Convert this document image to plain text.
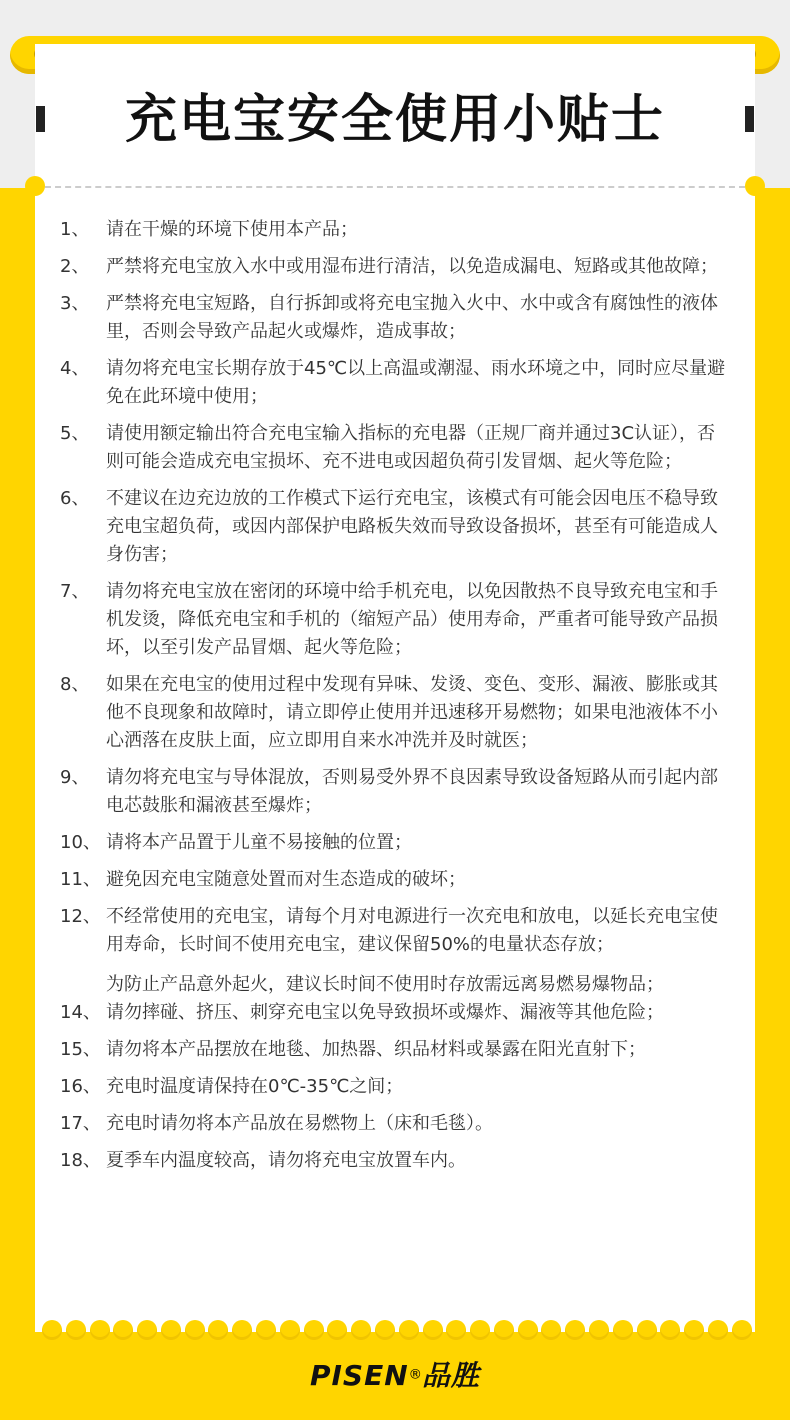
充电宝安全使用小贴士
1、 请在干燥的环境下使用本产品；
2、 严禁将充电宝放入水中或用湿布进行清洁，以免造成漏电、短路或其他故障；
3、 严禁将充电宝短路，自行拆卸或将充电宝抛入火中、水中或含有腐蚀性的液体里，否则会导致产品起火或爆炸，造成事故；
4、 请勿将充电宝长期存放于45℃以上高温或潮湿、雨水环境之中，同时应尽量避免在此环境中使用；
5、 请使用额定输出符合充电宝输入指标的充电器（正规厂商并通过3C认证），否则可能会造成充电宝损坏、充不进电或因超负荷引发冒烟、起火等危险；
6、 不建议在边充边放的工作模式下运行充电宝，该模式有可能会因电压不稳导致充电宝超负荷，或因内部保护电路板失效而导致设备损坏，甚至有可能造成人身伤害；
7、 请勿将充电宝放在密闭的环境中给手机充电，以免因散热不良导致充电宝和手机发烫，降低充电宝和手机的（缩短产品）使用寿命，严重者可能导致产品损坏，以至引发产品冒烟、起火等危险；
8、 如果在充电宝的使用过程中发现有异味、发烫、变色、变形、漏液、膨胀或其他不良现象和故障时，请立即停止使用并迅速移开易燃物；如果电池液体不小心洒落在皮肤上面，应立即用自来水冲洗并及时就医；
9、 请勿将充电宝与导体混放，否则易受外界不良因素导致设备短路从而引起内部电芯鼓胀和漏液甚至爆炸；
10、 请将本产品置于儿童不易接触的位置；
11、 避免因充电宝随意处置而对生态造成的破坏；
12、 不经常使用的充电宝，请每个月对电源进行一次充电和放电，以延长充电宝使用寿命，长时间不使用充电宝，建议保留50%的电量状态存放；
为防止产品意外起火，建议长时间不使用时存放需远离易燃易爆物品；
14、 请勿摔碰、挤压、刺穿充电宝以免导致损坏或爆炸、漏液等其他危险；
15、 请勿将本产品摆放在地毯、加热器、织品材料或暴露在阳光直射下；
16、 充电时温度请保持在0℃-35℃之间；
17、 充电时请勿将本产品放在易燃物上（床和毛毯）。
18、 夏季车内温度较高，请勿将充电宝放置车内。
PISEN®品胜
